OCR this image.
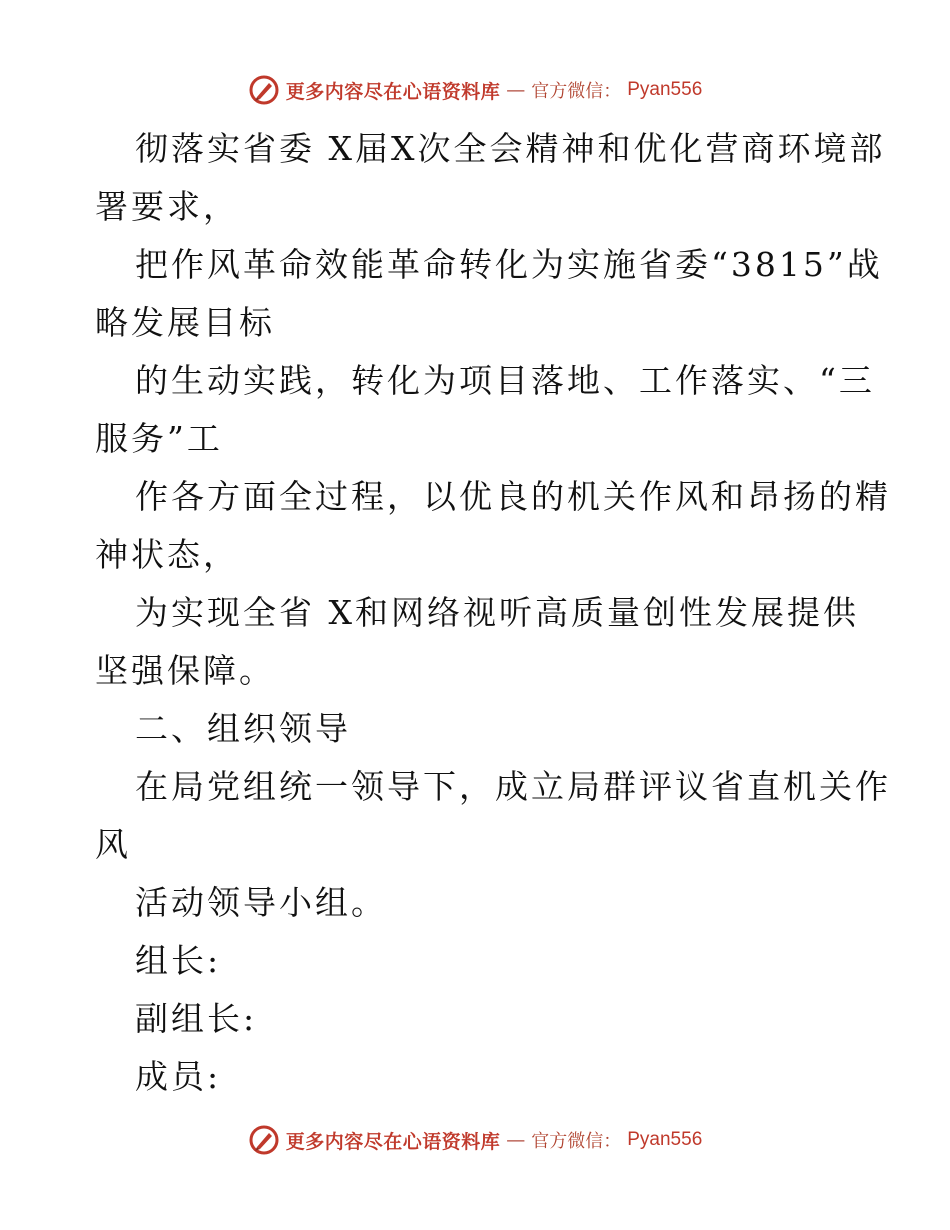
更多内容尽在心语资料库 — 官方微信： Pyan556
彻落实省委 X届X次全会精神和优化营商环境部
署要求，
把作风革命效能革命转化为实施省委“3815”战
略发展目标
的生动实践，转化为项目落地、工作落实、“三
服务”工
作各方面全过程，以优良的机关作风和昂扬的精
神状态，
为实现全省 X和网络视听高质量创性发展提供
坚强保障。
二、组织领导
在局党组统一领导下，成立局群评议省直机关作
风
活动领导小组。
组长:
副组长:
成员:
更多内容尽在心语资料库 — 官方微信： Pyan556
